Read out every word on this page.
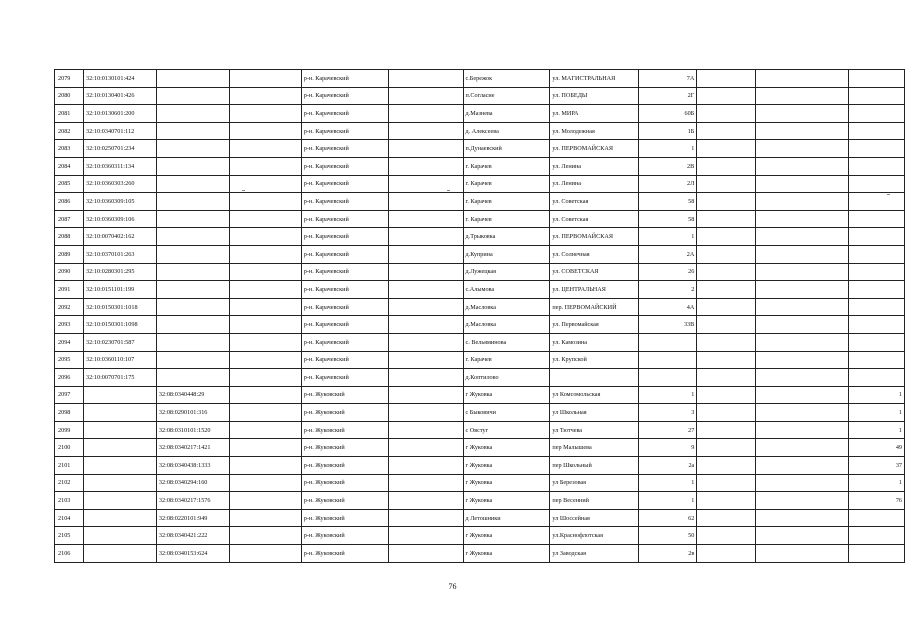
2079	32:10:0130101:424			р-н. Карачевский		с.Бережок	ул. МАГИСТРАЛЬНАЯ	7А			
2080	32:10:0130401:426			р-н. Карачевский		п.Согласие	ул. ПОБЕДЫ	2Г			
2081	32:10:0130601:200			р-н. Карачевский		д.Мазнева	ул. МИРА	60Б			
2082	32:10:0340701:112			р-н. Карачевский		д. Алексеева	ул. Молодежная	1Б			
2083	32:10:0250701:234			р-н. Карачевский		п.Дунаевский	ул. ПЕРВОМАЙСКАЯ	1			
2084	32:10:0360311:134			р-н. Карачевский		г. Карачев	ул. Ленина	2В			
2085	32:10:0360303:260			р-н. Карачевский		г. Карачев	ул. Ленина	2Л			
2086	32:10:0360309:105			р-н. Карачевский		г. Карачев	ул. Советская	58			
2087	32:10:0360309:106			р-н. Карачевский		г. Карачев	ул. Советская	58			
2088	32:10:0070402:162			р-н. Карачевский		д.Трыковка	ул. ПЕРВОМАЙСКАЯ	1			
2089	32:10:0370101:263			р-н. Карачевский		д.Куприна	ул. Солнечная	2А			
2090	32:10:0280301:295			р-н. Карачевский		д.Лужецкая	ул. СОВЕТСКАЯ	26			
2091	32:10:0151101:199			р-н. Карачевский		с.Алымова	ул. ЦЕНТРАЛЬНАЯ	2			
2092	32:10:0150301:1018			р-н. Карачевский		д.Масловка	пер. ПЕРВОМАЙСКИЙ	4А			
2093	32:10:0150301:1098			р-н. Карачевский		д.Масловка	ул. Первомайская	33В			
2094	32:10:0230701:587			р-н. Карачевский		с. Вельяминова	ул. Камозина				
2095	32:10:0360110:107			р-н. Карачевский		г. Карачев	ул. Крупской				
2096	32:10:0070701:175			р-н. Карачевский		д.Коптилово					
2097		32:08:0340448:29		р-н. Жуковский		г Жуковка	ул Комсомольская	1			1
2098		32:08:0290101:316		р-н. Жуковский		с Быковичи	ул Школьная	3			1
2099		32:08:0310101:1520		р-н. Жуковский		с Овстуг	ул Тютчева	27			1
2100		32:08:0340217:1421		р-н. Жуковский		г Жуковка	пер Малышева	9			49
2101		32:08:0340438:1333		р-н. Жуковский		г Жуковка	пер Школьный	2а			37
2102		32:08:0340294:160		р-н. Жуковский		г Жуковка	ул Березовая	1			1
2103		32:08:0340217:1576		р-н. Жуковский		г Жуковка	пер Весенний	1			76
2104		32:08:0220101:949		р-н. Жуковский		д Летошники	ул Шоссейная	62			
2105		32:08:0340421:222		р-н. Жуковский		г Жуковка	ул.Краснофлотская	50			
2106		32:08:0340153:624		р-н. Жуковский		г Жуковка	ул Заводская	2в			
76
